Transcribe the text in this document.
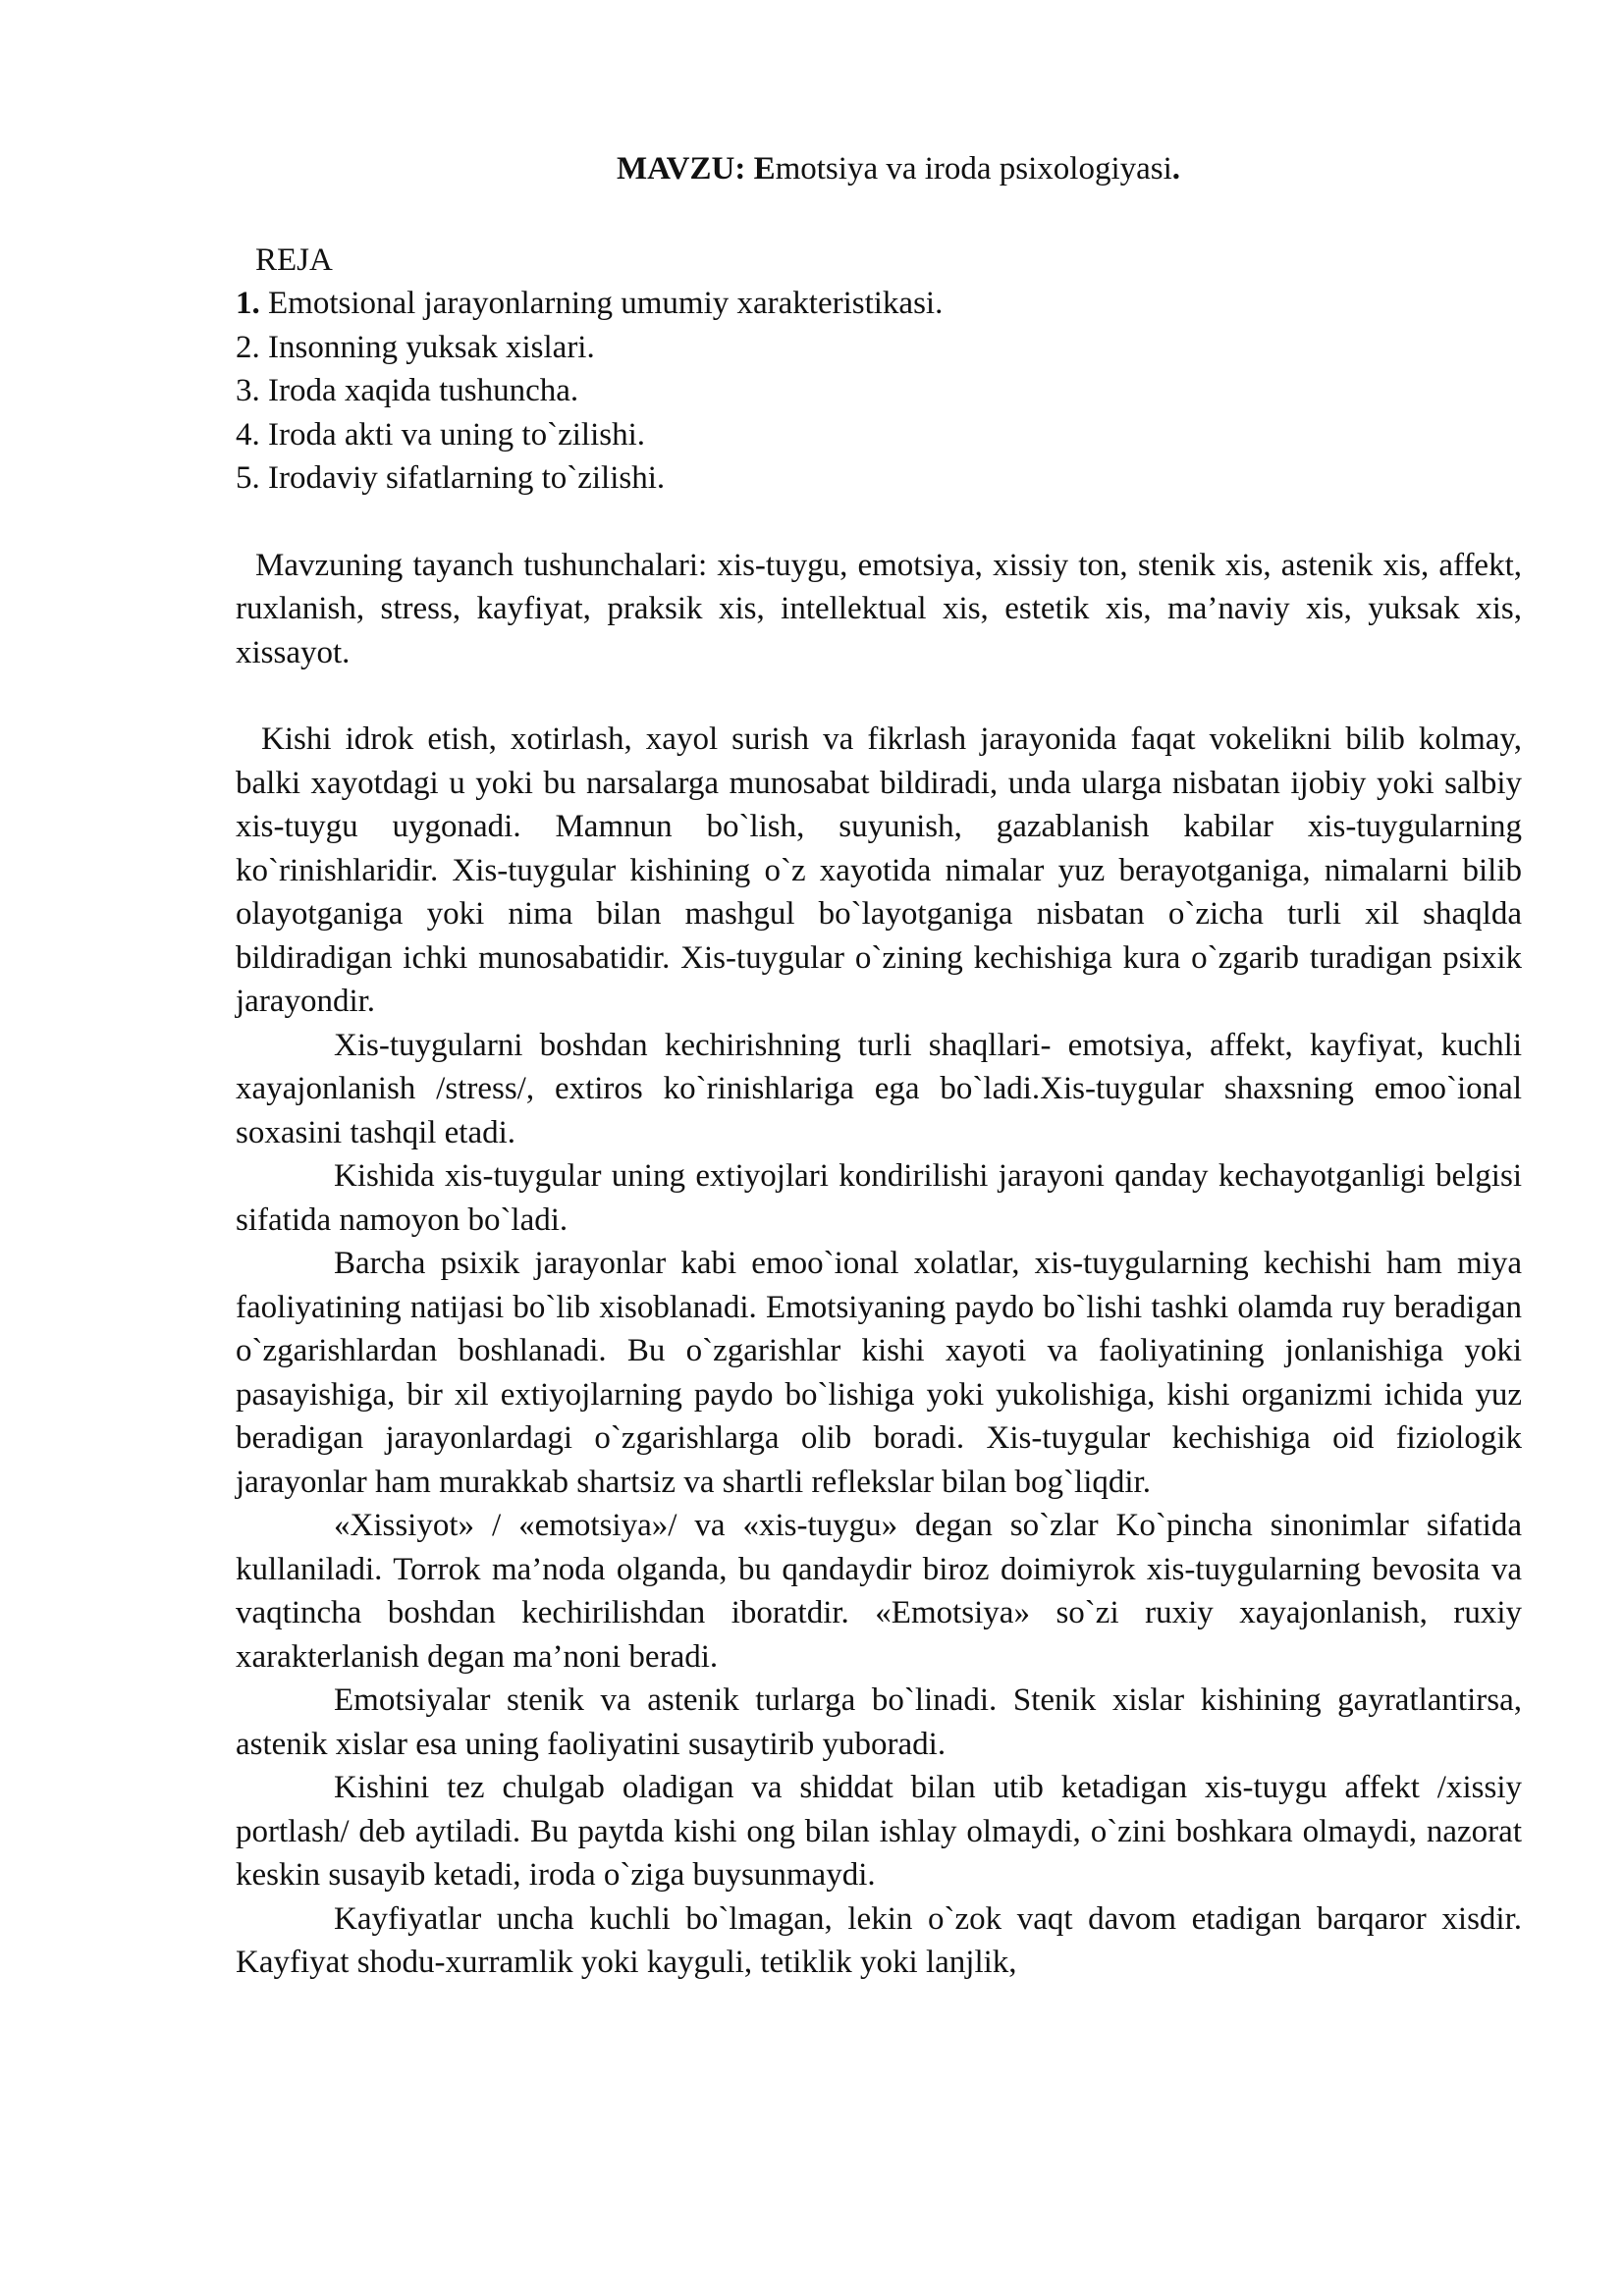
MAVZU: Emotsiya va iroda psixologiyasi.

REJA

1. Emotsional jarayonlarning umumiy xarakteristikasi.
2. Insonning yuksak xislari.
3. Iroda xaqida tushuncha.
4. Iroda akti va uning to`zilishi.
5. Irodaviy sifatlarning to`zilishi.

Mavzuning tayanch tushunchalari: xis-tuygu, emotsiya, xissiy ton, stenik xis, astenik xis, affekt, ruxlanish, stress, kayfiyat, praksik xis, intellektual xis, estetik xis, ma’naviy xis, yuksak xis, xissayot.

Kishi idrok etish, xotirlash, xayol surish va fikrlash jarayonida faqat vokelikni bilib kolmay, balki xayotdagi u yoki bu narsalarga munosabat bildiradi, unda ularga nisbatan ijobiy yoki salbiy xis-tuygu uygonadi. Mamnun bo`lish, suyunish, gazablanish kabilar xis-tuygularning ko`rinishlaridir. Xis-tuygular kishining o`z xayotida nimalar yuz berayotganiga, nimalarni bilib olayotganiga yoki nima bilan mashgul bo`layotganiga nisbatan o`zicha turli xil shaqlda bildiradigan ichki munosabatidir. Xis-tuygular o`zining kechishiga kura o`zgarib turadigan psixik jarayondir.

Xis-tuygularni boshdan kechirishning turli shaqllari- emotsiya, affekt, kayfiyat, kuchli xayajonlanish /stress/, extiros ko`rinishlariga ega bo`ladi.Xis-tuygular shaxsning emoo`ional soxasini tashqil etadi.

Kishida xis-tuygular uning extiyojlari kondirilishi jarayoni qanday kechayotganligi belgisi sifatida namoyon bo`ladi.

Barcha psixik jarayonlar kabi emoo`ional xolatlar, xis-tuygularning kechishi ham miya faoliyatining natijasi bo`lib xisoblanadi. Emotsiyaning paydo bo`lishi tashki olamda ruy beradigan o`zgarishlardan boshlanadi. Bu o`zgarishlar kishi xayoti va faoliyatining jonlanishiga yoki pasayishiga, bir xil extiyojlarning paydo bo`lishiga yoki yukolishiga, kishi organizmi ichida yuz beradigan jarayonlardagi o`zgarishlarga olib boradi. Xis-tuygular kechishiga oid fiziologik jarayonlar ham murakkab shartsiz va shartli reflekslar bilan bog`liqdir.

«Xissiyot» / «emotsiya»/ va «xis-tuygu» degan so`zlar Ko`pincha sinonimlar sifatida kullaniladi. Torrok ma’noda olganda, bu qandaydir biroz doimiyrok xis-tuygularning bevosita va vaqtincha boshdan kechirilishdan iboratdir. «Emotsiya» so`zi ruxiy xayajonlanish, ruxiy xarakterlanish degan ma’noni beradi.

Emotsiyalar stenik va astenik turlarga bo`linadi. Stenik xislar kishining gayratlantirsa, astenik xislar esa uning faoliyatini susaytirib yuboradi.

Kishini tez chulgab oladigan va shiddat bilan utib ketadigan xis-tuygu affekt /xissiy portlash/ deb aytiladi. Bu paytda kishi ong bilan ishlay olmaydi, o`zini boshkara olmaydi, nazorat keskin susayib ketadi, iroda o`ziga buysunmaydi.

Kayfiyatlar uncha kuchli bo`lmagan, lekin o`zok vaqt davom etadigan barqaror xisdir. Kayfiyat shodu-xurramlik yoki kayguli, tetiklik yoki lanjlik,
